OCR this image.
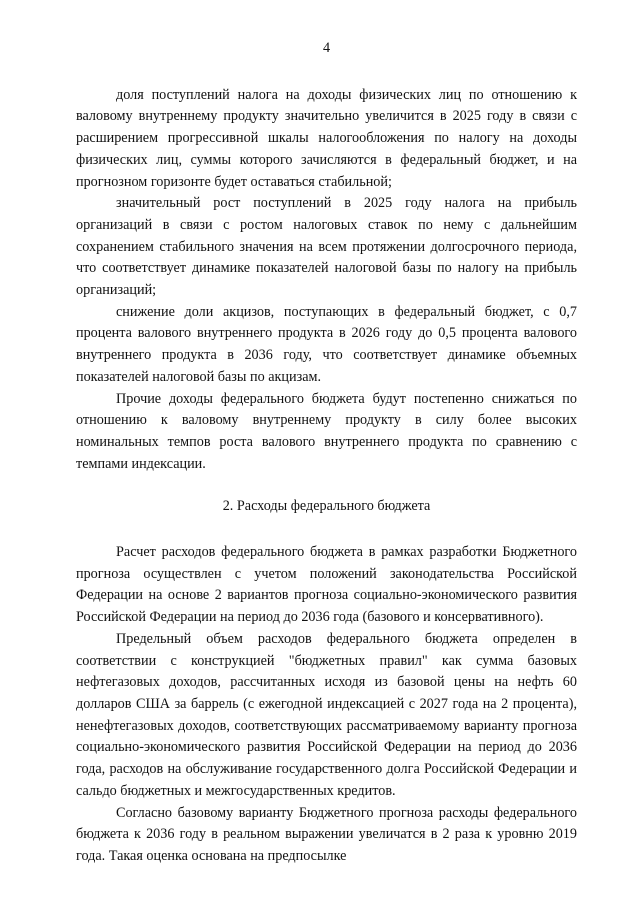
4

доля поступлений налога на доходы физических лиц по отношению к валовому внутреннему продукту значительно увеличится в 2025 году в связи с расширением прогрессивной шкалы налогообложения по налогу на доходы физических лиц, суммы которого зачисляются в федеральный бюджет, и на прогнозном горизонте будет оставаться стабильной;

значительный рост поступлений в 2025 году налога на прибыль организаций в связи с ростом налоговых ставок по нему с дальнейшим сохранением стабильного значения на всем протяжении долгосрочного периода, что соответствует динамике показателей налоговой базы по налогу на прибыль организаций;

снижение доли акцизов, поступающих в федеральный бюджет, с 0,7 процента валового внутреннего продукта в 2026 году до 0,5 процента валового внутреннего продукта в 2036 году, что соответствует динамике объемных показателей налоговой базы по акцизам.

Прочие доходы федерального бюджета будут постепенно снижаться по отношению к валовому внутреннему продукту в силу более высоких номинальных темпов роста валового внутреннего продукта по сравнению с темпами индексации.

2. Расходы федерального бюджета

Расчет расходов федерального бюджета в рамках разработки Бюджетного прогноза осуществлен с учетом положений законодательства Российской Федерации на основе 2 вариантов прогноза социально-экономического развития Российской Федерации на период до 2036 года (базового и консервативного).

Предельный объем расходов федерального бюджета определен в соответствии с конструкцией "бюджетных правил" как сумма базовых нефтегазовых доходов, рассчитанных исходя из базовой цены на нефть 60 долларов США за баррель (с ежегодной индексацией с 2027 года на 2 процента), ненефтегазовых доходов, соответствующих рассматриваемому варианту прогноза социально-экономического развития Российской Федерации на период до 2036 года, расходов на обслуживание государственного долга Российской Федерации и сальдо бюджетных и межгосударственных кредитов.

Согласно базовому варианту Бюджетного прогноза расходы федерального бюджета к 2036 году в реальном выражении увеличатся в 2 раза к уровню 2019 года. Такая оценка основана на предпосылке
